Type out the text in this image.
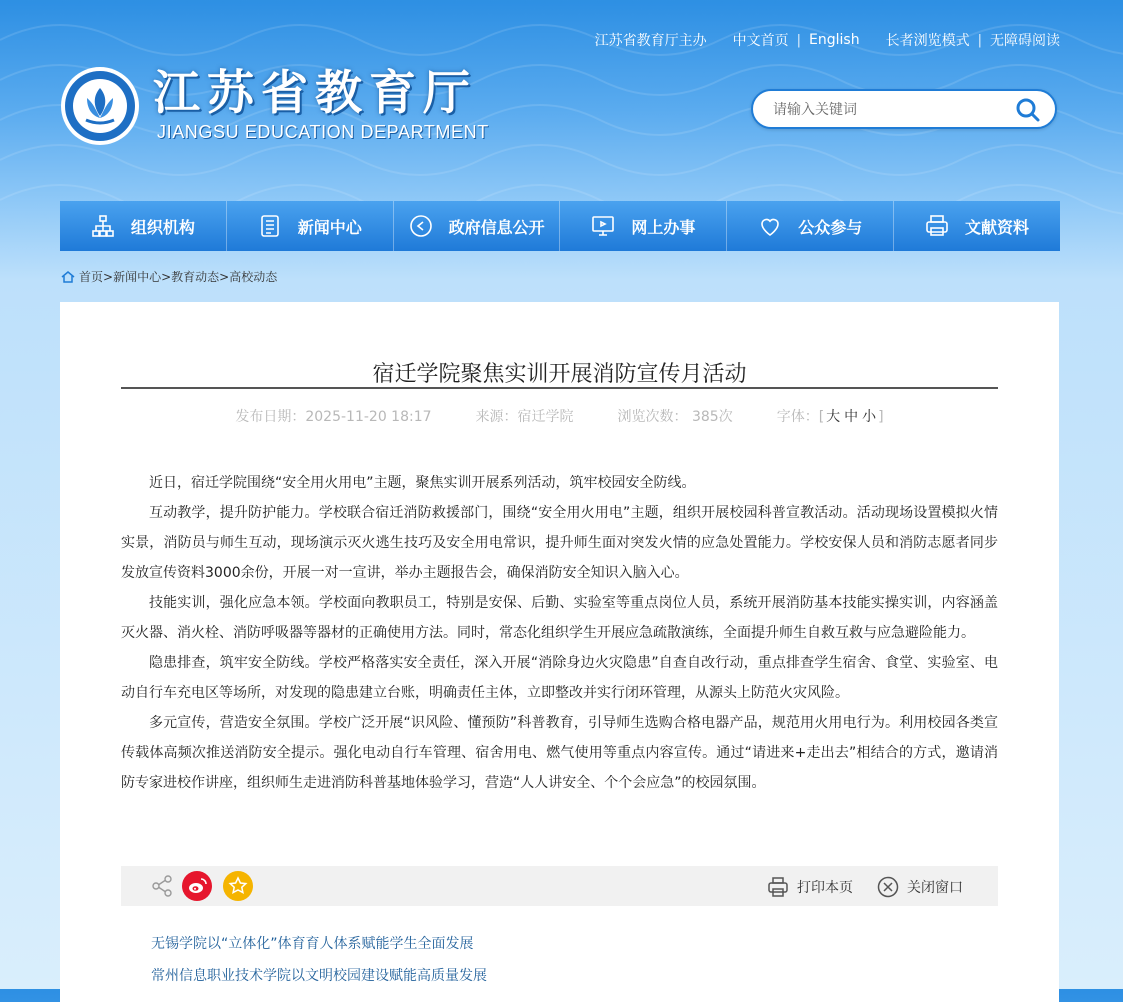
江苏省教育厅主办 中文首页 | English 长者浏览模式 | 无障碍阅读
江苏省教育厅
JIANGSU EDUCATION DEPARTMENT
请输入关键词
组织机构	新闻中心	政府信息公开	网上办事	公众参与	文献资料
首页 > 新闻中心 > 教育动态 > 高校动态
宿迁学院聚焦实训开展消防宣传月活动
发布日期：2025-11-20 18:17	来源：宿迁学院	浏览次数： 385次	字体：[ 大 中 小 ]

近日，宿迁学院围绕“安全用火用电”主题，聚焦实训开展系列活动，筑牢校园安全防线。

互动教学，提升防护能力。学校联合宿迁消防救援部门，围绕“安全用火用电”主题，组织开展校园科普宣教活动。活动现场设置模拟火情实景，消防员与师生互动，现场演示灭火逃生技巧及安全用电常识，提升师生面对突发火情的应急处置能力。学校安保人员和消防志愿者同步发放宣传资料3000余份，开展一对一宣讲，举办主题报告会，确保消防安全知识入脑入心。

技能实训，强化应急本领。学校面向教职员工，特别是安保、后勤、实验室等重点岗位人员，系统开展消防基本技能实操实训，内容涵盖灭火器、消火栓、消防呼吸器等器材的正确使用方法。同时，常态化组织学生开展应急疏散演练，全面提升师生自救互救与应急避险能力。

隐患排查，筑牢安全防线。学校严格落实安全责任，深入开展“消除身边火灾隐患”自查自改行动，重点排查学生宿舍、食堂、实验室、电动自行车充电区等场所，对发现的隐患建立台账，明确责任主体，立即整改并实行闭环管理，从源头上防范火灾风险。

多元宣传，营造安全氛围。学校广泛开展“识风险、懂预防”科普教育，引导师生选购合格电器产品，规范用火用电行为。利用校园各类宣传载体高频次推送消防安全提示。强化电动自行车管理、宿舍用电、燃气使用等重点内容宣传。通过“请进来+走出去”相结合的方式，邀请消防专家进校作讲座，组织师生走进消防科普基地体验学习，营造“人人讲安全、个个会应急”的校园氛围。

打印本页	关闭窗口
无锡学院以“立体化”体育育人体系赋能学生全面发展
常州信息职业技术学院以文明校园建设赋能高质量发展
